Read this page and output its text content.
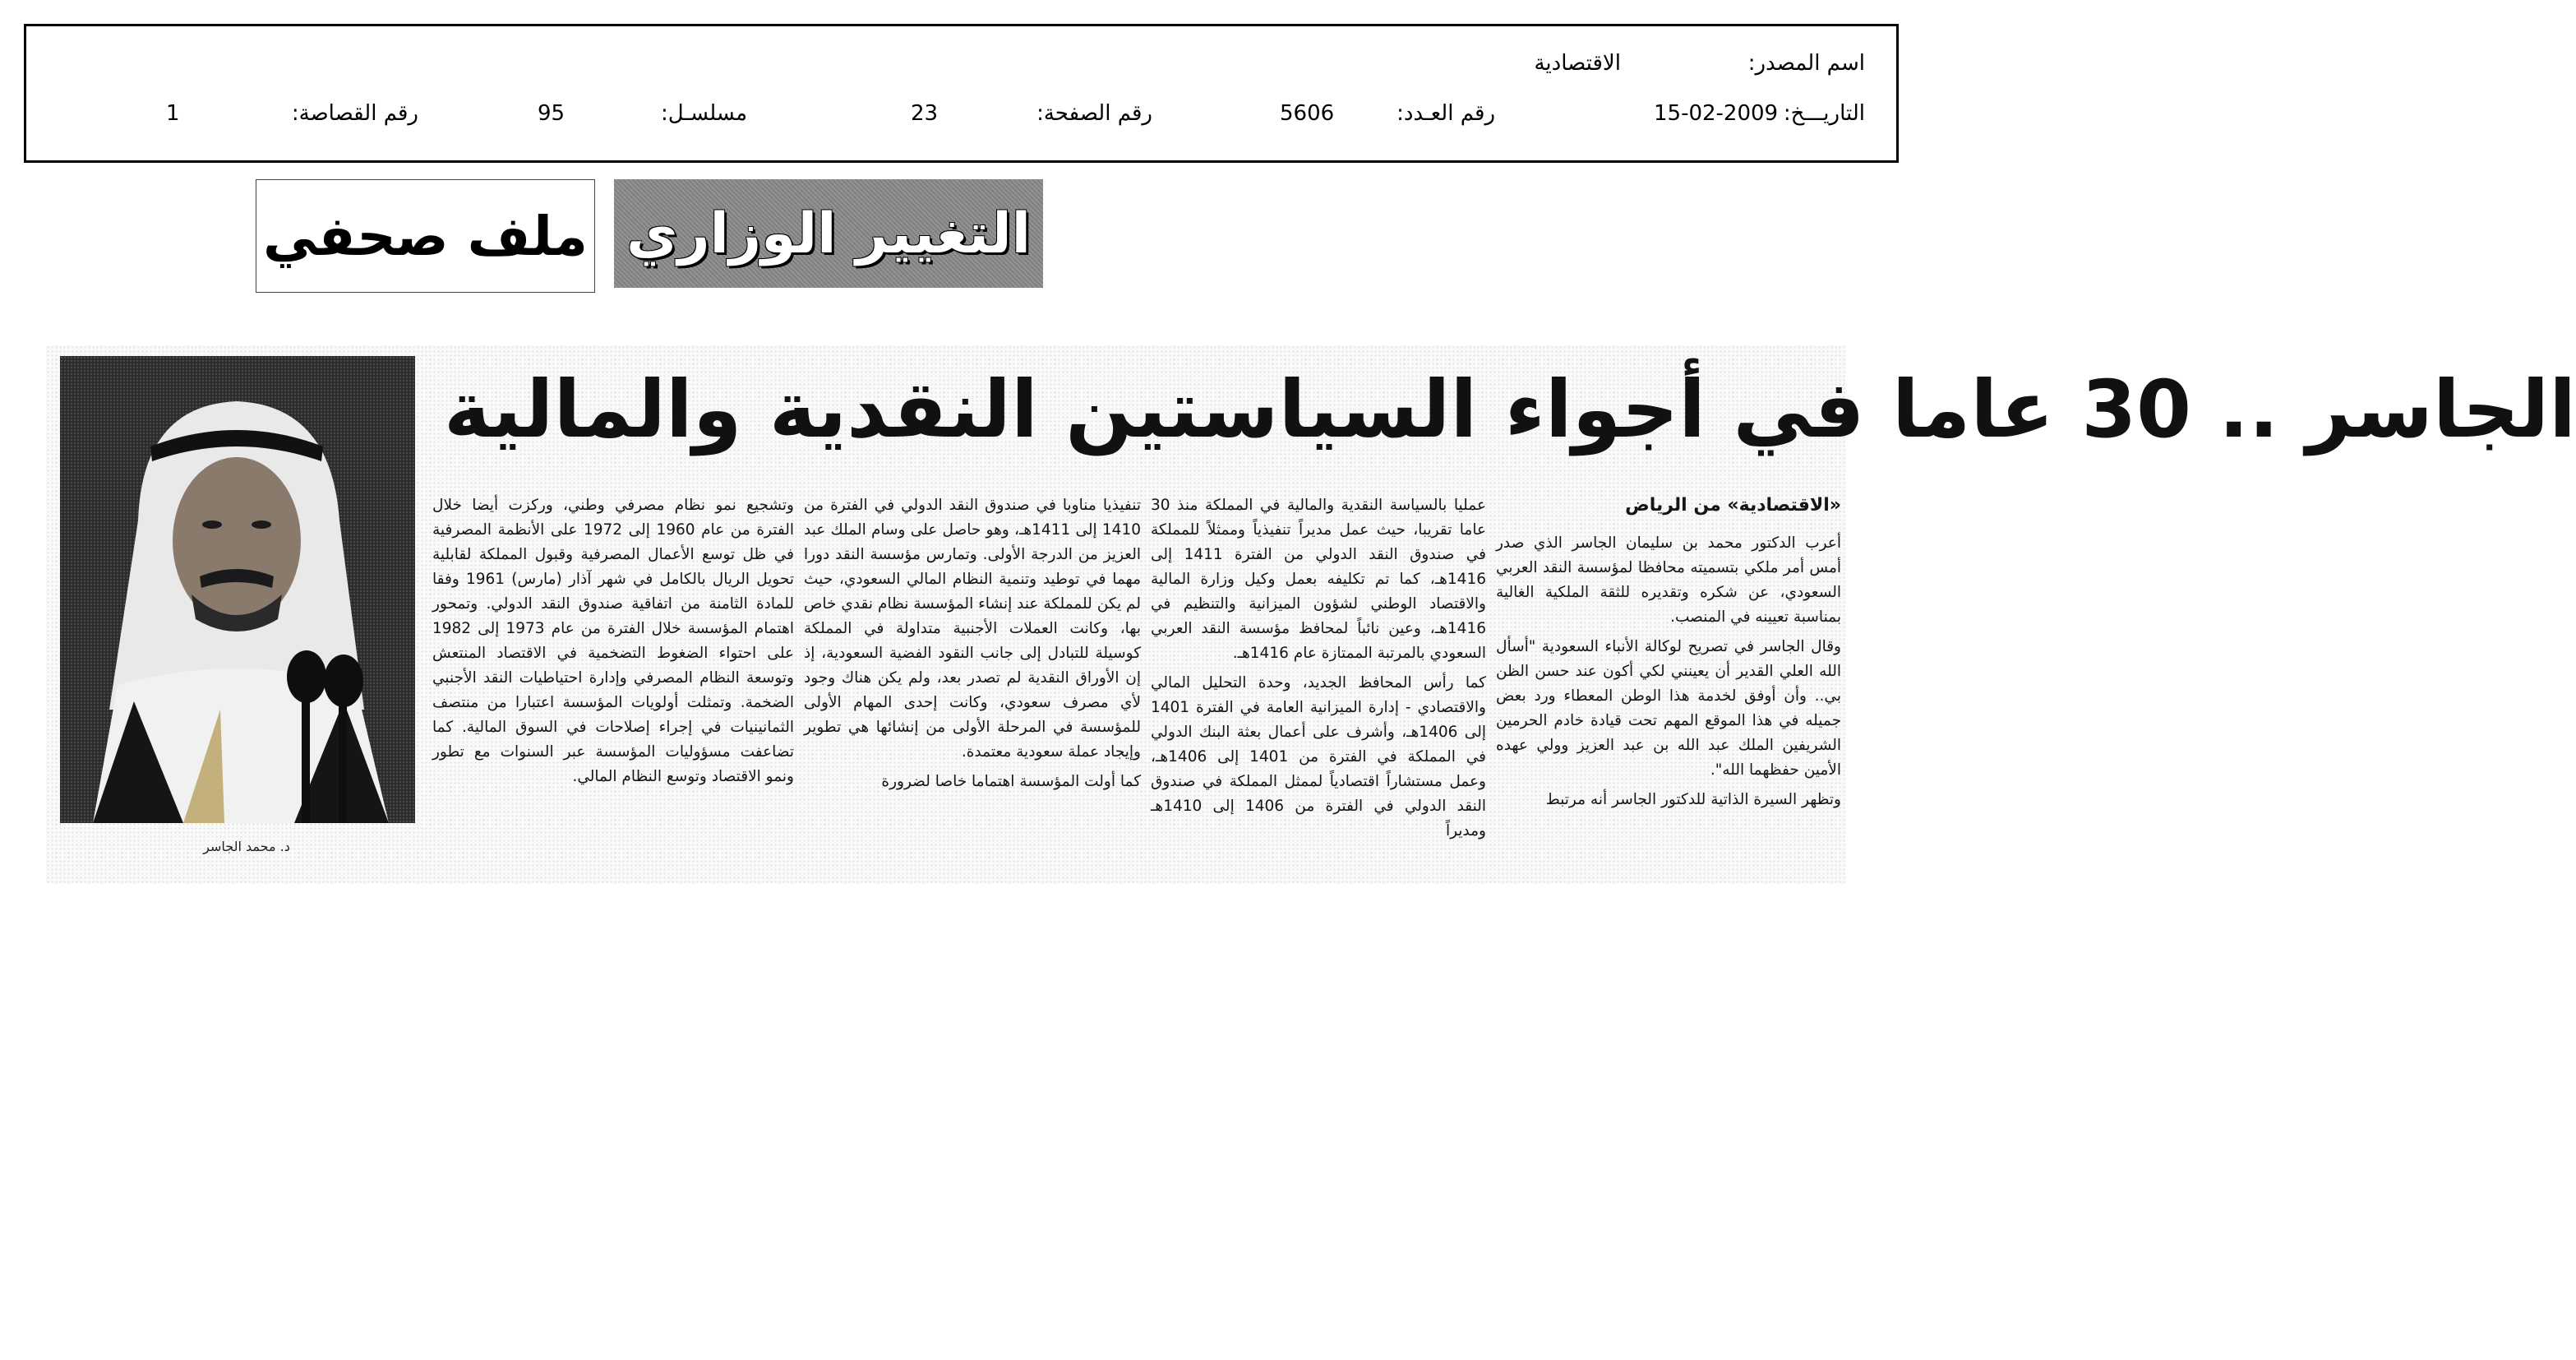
اسم المصدر:
الاقتصادية
التاريـــخ:
15-02-2009
رقم العـدد:
5606
رقم الصفحة:
23
مسلسـل:
95
رقم القصاصة:
1
التغيير الوزاري
ملف صحفي
الجاسر .. 30 عاما في أجواء السياستين النقدية والمالية
د. محمد الجاسر

«الاقتصادية» من الرياض

أعرب الدكتور محمد بن سليمان الجاسر الذي صدر أمس أمر ملكي بتسميته محافظا لمؤسسة النقد العربي السعودي، عن شكره وتقديره للثقة الملكية الغالية بمناسبة تعيينه في المنصب.

وقال الجاسر في تصريح لوكالة الأنباء السعودية "أسأل الله العلي القدير أن يعينني لكي أكون عند حسن الظن بي.. وأن أوفق لخدمة هذا الوطن المعطاء ورد بعض جميله في هذا الموقع المهم تحت قيادة خادم الحرمين الشريفين الملك عبد الله بن عبد العزيز وولي عهده الأمين حفظهما الله".

وتظهر السيرة الذاتية للدكتور الجاسر أنه مرتبط

عمليا بالسياسة النقدية والمالية في المملكة منذ 30 عاما تقريبا، حيث عمل مديراً تنفيذياً وممثلاً للمملكة في صندوق النقد الدولي من الفترة 1411 إلى 1416هـ، كما تم تكليفه بعمل وكيل وزارة المالية والاقتصاد الوطني لشؤون الميزانية والتنظيم في 1416هـ، وعين نائباً لمحافظ مؤسسة النقد العربي السعودي بالمرتبة الممتازة عام 1416هـ.

كما رأس المحافظ الجديد، وحدة التحليل المالي والاقتصادي - إدارة الميزانية العامة في الفترة 1401 إلى 1406هـ، وأشرف على أعمال بعثة البنك الدولي في المملكة في الفترة من 1401 إلى 1406هـ، وعمل مستشاراً اقتصادياً لممثل المملكة في صندوق النقد الدولي في الفترة من 1406 إلى 1410هـ ومديراً

تنفيذيا مناوبا في صندوق النقد الدولي في الفترة من 1410 إلى 1411هـ، وهو حاصل على وسام الملك عبد العزيز من الدرجة الأولى. وتمارس مؤسسة النقد دورا مهما في توطيد وتنمية النظام المالي السعودي، حيث لم يكن للمملكة عند إنشاء المؤسسة نظام نقدي خاص بها، وكانت العملات الأجنبية متداولة في المملكة كوسيلة للتبادل إلى جانب النقود الفضية السعودية، إذ إن الأوراق النقدية لم تصدر بعد، ولم يكن هناك وجود لأي مصرف سعودي، وكانت إحدى المهام الأولى للمؤسسة في المرحلة الأولى من إنشائها هي تطوير وإيجاد عملة سعودية معتمدة.

كما أولت المؤسسة اهتماما خاصا لضرورة

وتشجيع نمو نظام مصرفي وطني، وركزت أيضا خلال الفترة من عام 1960 إلى 1972 على الأنظمة المصرفية في ظل توسع الأعمال المصرفية وقبول المملكة لقابلية تحويل الريال بالكامل في شهر آذار (مارس) 1961 وفقا للمادة الثامنة من اتفاقية صندوق النقد الدولي. وتمحور اهتمام المؤسسة خلال الفترة من عام 1973 إلى 1982 على احتواء الضغوط التضخمية في الاقتصاد المنتعش وتوسعة النظام المصرفي وإدارة احتياطيات النقد الأجنبي الضخمة. وتمثلت أولويات المؤسسة اعتبارا من منتصف الثمانينيات في إجراء إصلاحات في السوق المالية. كما تضاعفت مسؤوليات المؤسسة عبر السنوات مع تطور ونمو الاقتصاد وتوسع النظام المالي.
